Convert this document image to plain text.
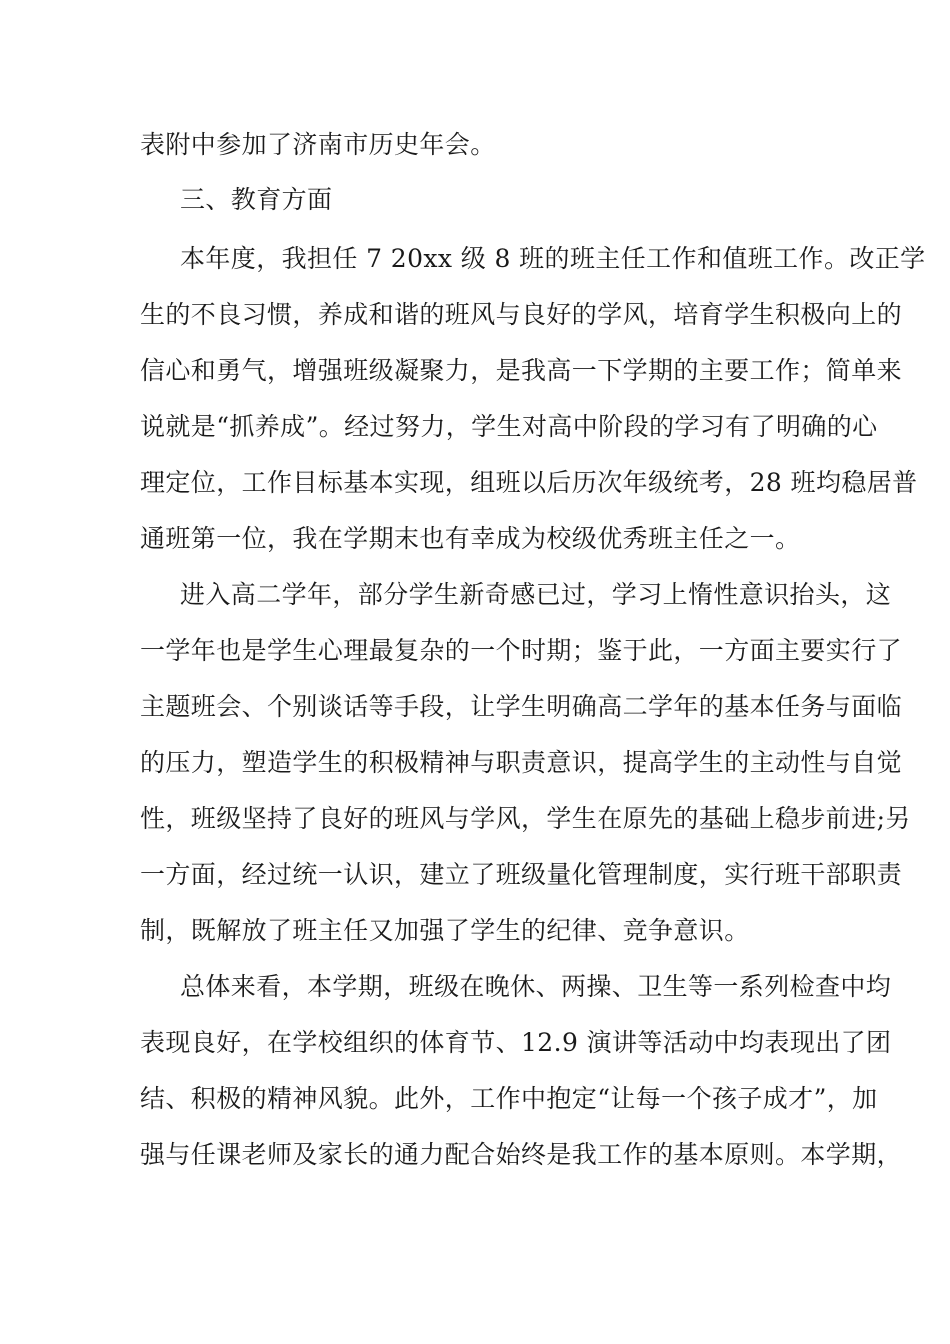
表附中参加了济南市历史年会。
三、教育方面
本年度，我担任 7 20xx 级 8 班的班主任工作和值班工作。改正学
生的不良习惯，养成和谐的班风与良好的学风，培育学生积极向上的
信心和勇气，增强班级凝聚力，是我高一下学期的主要工作；简单来
说就是“抓养成”。经过努力，学生对高中阶段的学习有了明确的心
理定位，工作目标基本实现，组班以后历次年级统考，28 班均稳居普
通班第一位，我在学期末也有幸成为校级优秀班主任之一。
进入高二学年，部分学生新奇感已过，学习上惰性意识抬头，这
一学年也是学生心理最复杂的一个时期；鉴于此，一方面主要实行了
主题班会、个别谈话等手段，让学生明确高二学年的基本任务与面临
的压力，塑造学生的积极精神与职责意识，提高学生的主动性与自觉
性，班级坚持了良好的班风与学风，学生在原先的基础上稳步前进;另
一方面，经过统一认识，建立了班级量化管理制度，实行班干部职责
制，既解放了班主任又加强了学生的纪律、竞争意识。
总体来看，本学期，班级在晚休、两操、卫生等一系列检查中均
表现良好，在学校组织的体育节、12.9 演讲等活动中均表现出了团
结、积极的精神风貌。此外，工作中抱定“让每一个孩子成才”，加
强与任课老师及家长的通力配合始终是我工作的基本原则。本学期，
